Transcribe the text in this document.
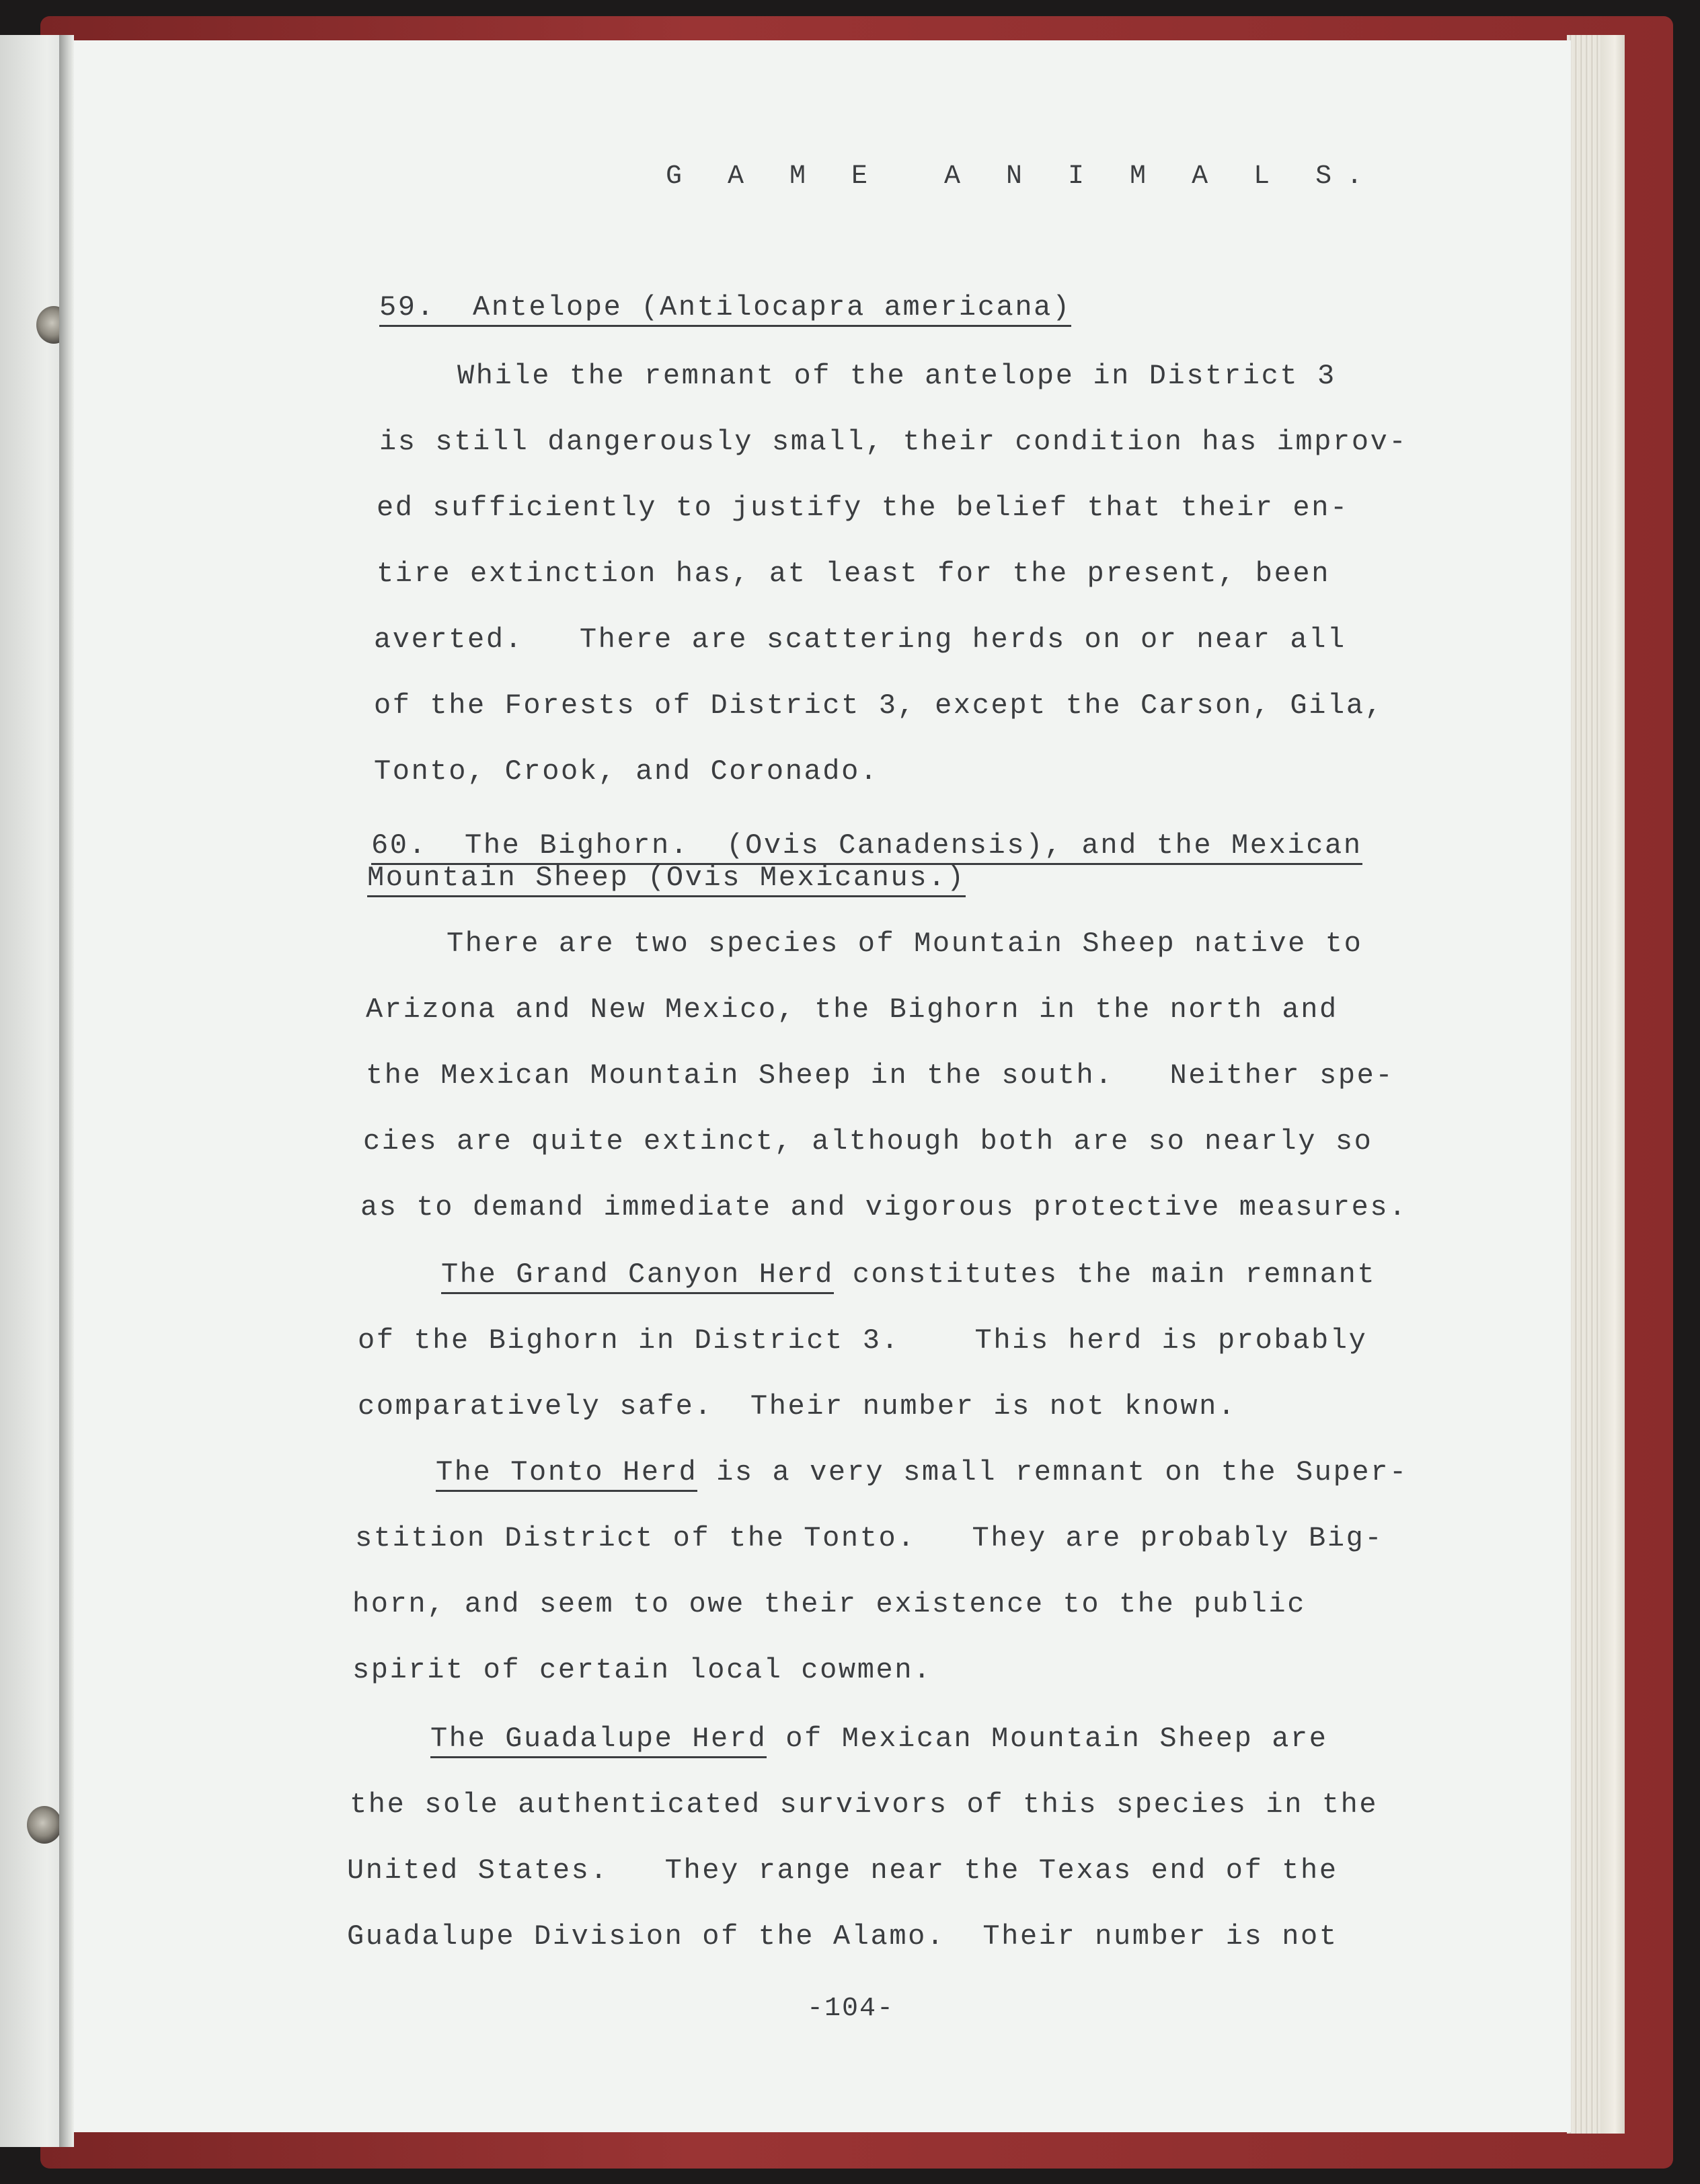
G A M E  A N I M A L S.

59.  Antelope (Antilocapra americana)

While the remnant of the antelope in District 3

is still dangerously small, their condition has improv-

ed sufficiently to justify the belief that their en-

tire extinction has, at least for the present, been

averted.   There are scattering herds on or near all

of the Forests of District 3, except the Carson, Gila,

Tonto, Crook, and Coronado.

60.  The Bighorn.  (Ovis Canadensis), and the Mexican

Mountain Sheep (Ovis Mexicanus.)

There are two species of Mountain Sheep native to

Arizona and New Mexico, the Bighorn in the north and

the Mexican Mountain Sheep in the south.   Neither spe-

cies are quite extinct, although both are so nearly so

as to demand immediate and vigorous protective measures.

The Grand Canyon Herd constitutes the main remnant

of the Bighorn in District 3.    This herd is probably

comparatively safe.  Their number is not known.

The Tonto Herd is a very small remnant on the Super-

stition District of the Tonto.   They are probably Big-

horn, and seem to owe their existence to the public

spirit of certain local cowmen.

The Guadalupe Herd of Mexican Mountain Sheep are

the sole authenticated survivors of this species in the

United States.   They range near the Texas end of the

Guadalupe Division of the Alamo.  Their number is not

-104-
